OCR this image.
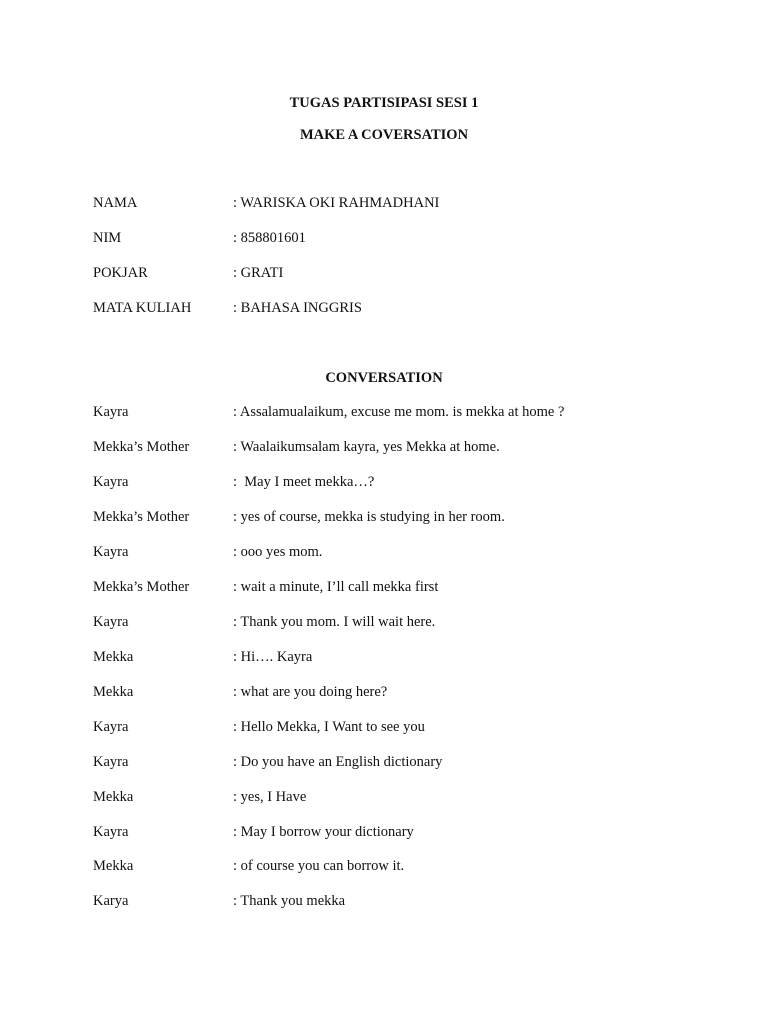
TUGAS PARTISIPASI SESI 1

MAKE A COVERSATION

NAMA	: WARISKA OKI RAHMADHANI
NIM	: 858801601
POKJAR	: GRATI
MATA KULIAH	: BAHASA INGGRIS

CONVERSATION

Kayra	: Assalamualaikum, excuse me mom. is mekka at home ?
Mekka’s Mother	: Waalaikumsalam kayra, yes Mekka at home.
Kayra	:  May I meet mekka…?
Mekka’s Mother	: yes of course, mekka is studying in her room.
Kayra	: ooo yes mom.
Mekka’s Mother	: wait a minute, I’ll call mekka first
Kayra	: Thank you mom. I will wait here.
Mekka	: Hi…. Kayra
Mekka	: what are you doing here?
Kayra	: Hello Mekka, I Want to see you
Kayra	: Do you have an English dictionary
Mekka	: yes, I Have
Kayra	: May I borrow your dictionary
Mekka	: of course you can borrow it.
Karya	: Thank you mekka
